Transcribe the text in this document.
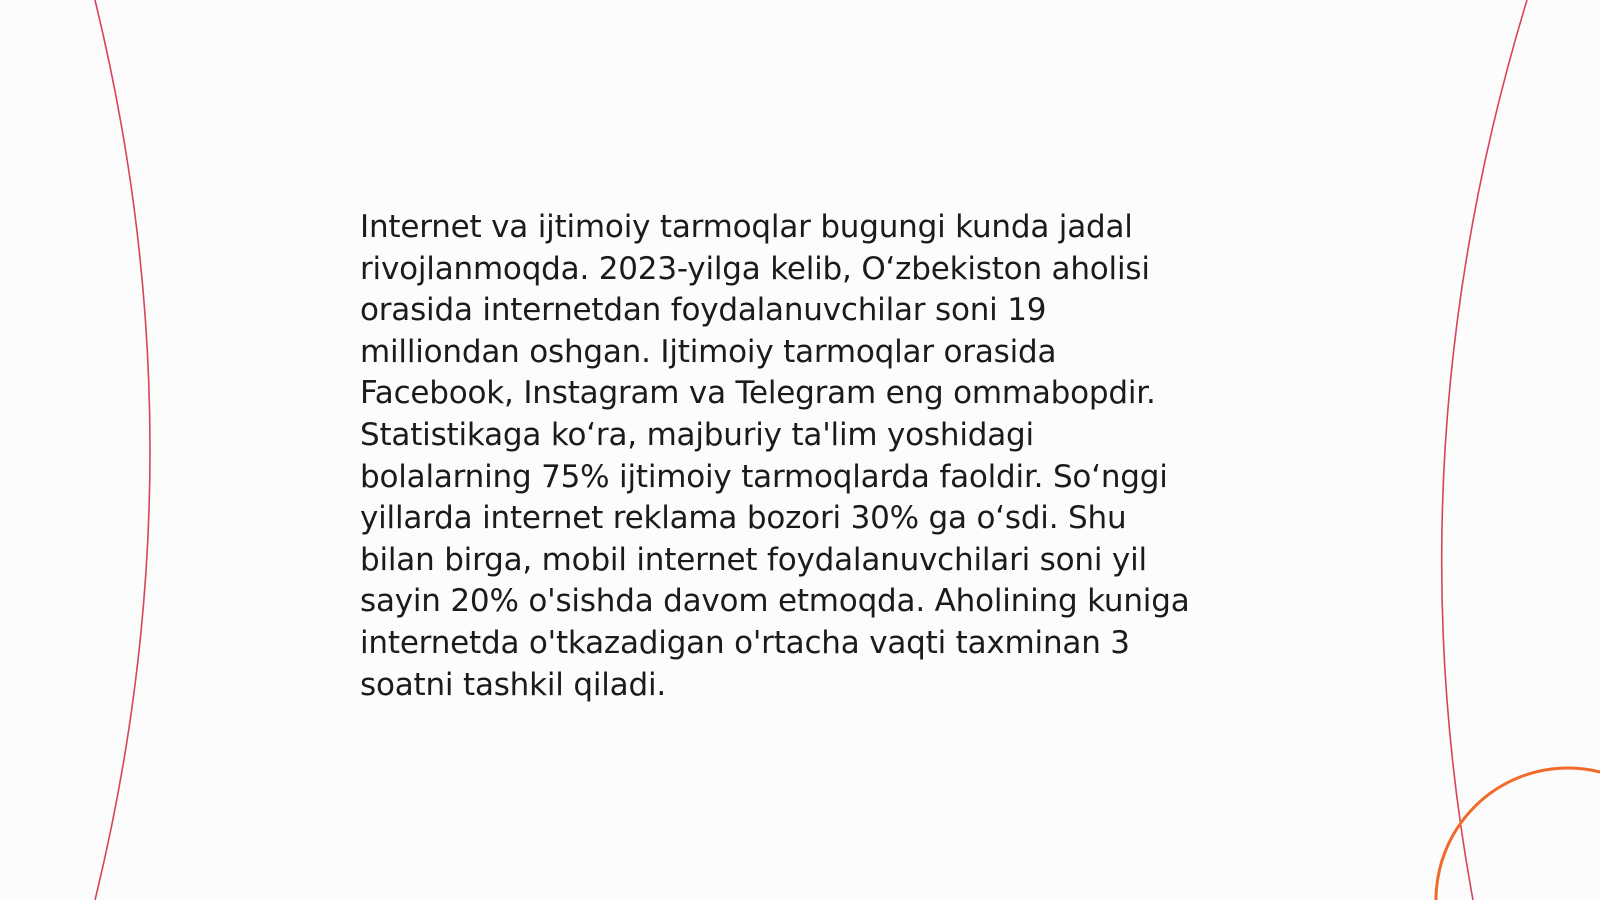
Internet va ijtimoiy tarmoqlar bugungi kunda jadal
rivojlanmoqda. 2023-yilga kelib, Oʻzbekiston aholisi
orasida internetdan foydalanuvchilar soni 19
milliondan oshgan. Ijtimoiy tarmoqlar orasida
Facebook, Instagram va Telegram eng ommabopdir.
Statistikaga koʻra, majburiy ta'lim yoshidagi
bolalarning 75% ijtimoiy tarmoqlarda faoldir. Soʻnggi
yillarda internet reklama bozori 30% ga oʻsdi. Shu
bilan birga, mobil internet foydalanuvchilari soni yil
sayin 20% o'sishda davom etmoqda. Aholining kuniga
internetda o'tkazadigan o'rtacha vaqti taxminan 3
soatni tashkil qiladi.
